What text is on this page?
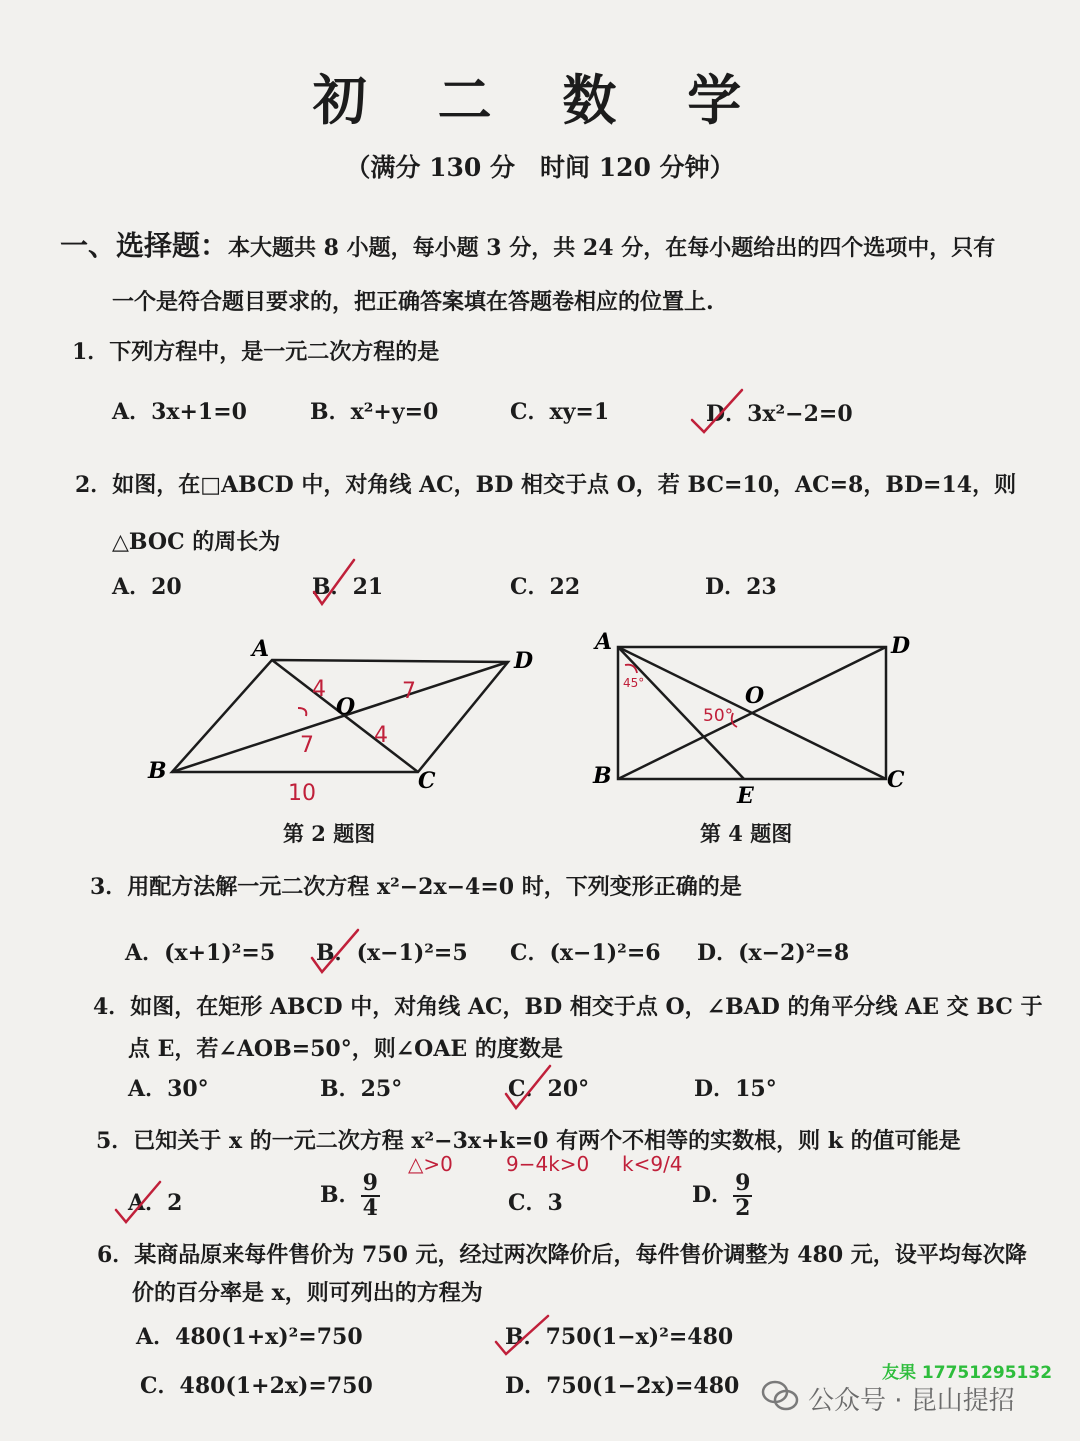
初 二 数 学
（满分 130 分　时间 120 分钟）
一、选择题：本大题共 8 小题，每小题 3 分，共 24 分，在每小题给出的四个选项中，只有
一个是符合题目要求的，把正确答案填在答题卷相应的位置上.
1．下列方程中，是一元二次方程的是
A．3x+1=0	B．x²+y=0	C．xy=1	D．3x²−2=0
2．如图，在□ABCD 中，对角线 AC，BD 相交于点 O，若 BC=10，AC=8，BD=14，则
△BOC 的周长为
A．20	B．21	C．22	D．23
A	D
B	C
O
4	7
7	4
10
第 2 题图
A	D
B	C
O
E
45°
50°
第 4 题图
3．用配方法解一元二次方程 x²−2x−4=0 时，下列变形正确的是
A．(x+1)²=5 B．(x−1)²=5 C．(x−1)²=6 D．(x−2)²=8
4．如图，在矩形 ABCD 中，对角线 AC，BD 相交于点 O，∠BAD 的角平分线 AE 交 BC 于
点 E，若∠AOB=50°，则∠OAE 的度数是
A．30°	B．25°	C．20°	D．15°
5．已知关于 x 的一元二次方程 x²−3x+k=0 有两个不相等的实数根，则 k 的值可能是
△>0	9−4k>0 k<9/4
A．2	B． $\frac{9}{4}$	C．3	D． $\frac{9}{2}$
6．某商品原来每件售价为 750 元，经过两次降价后，每件售价调整为 480 元，设平均每次降
价的百分率是 x，则可列出的方程为
A．480(1+x)²=750	B．750(1−x)²=480
C．480(1+2x)=750	D．750(1−2x)=480	友果 17751295132
公众号 · 昆山提招
